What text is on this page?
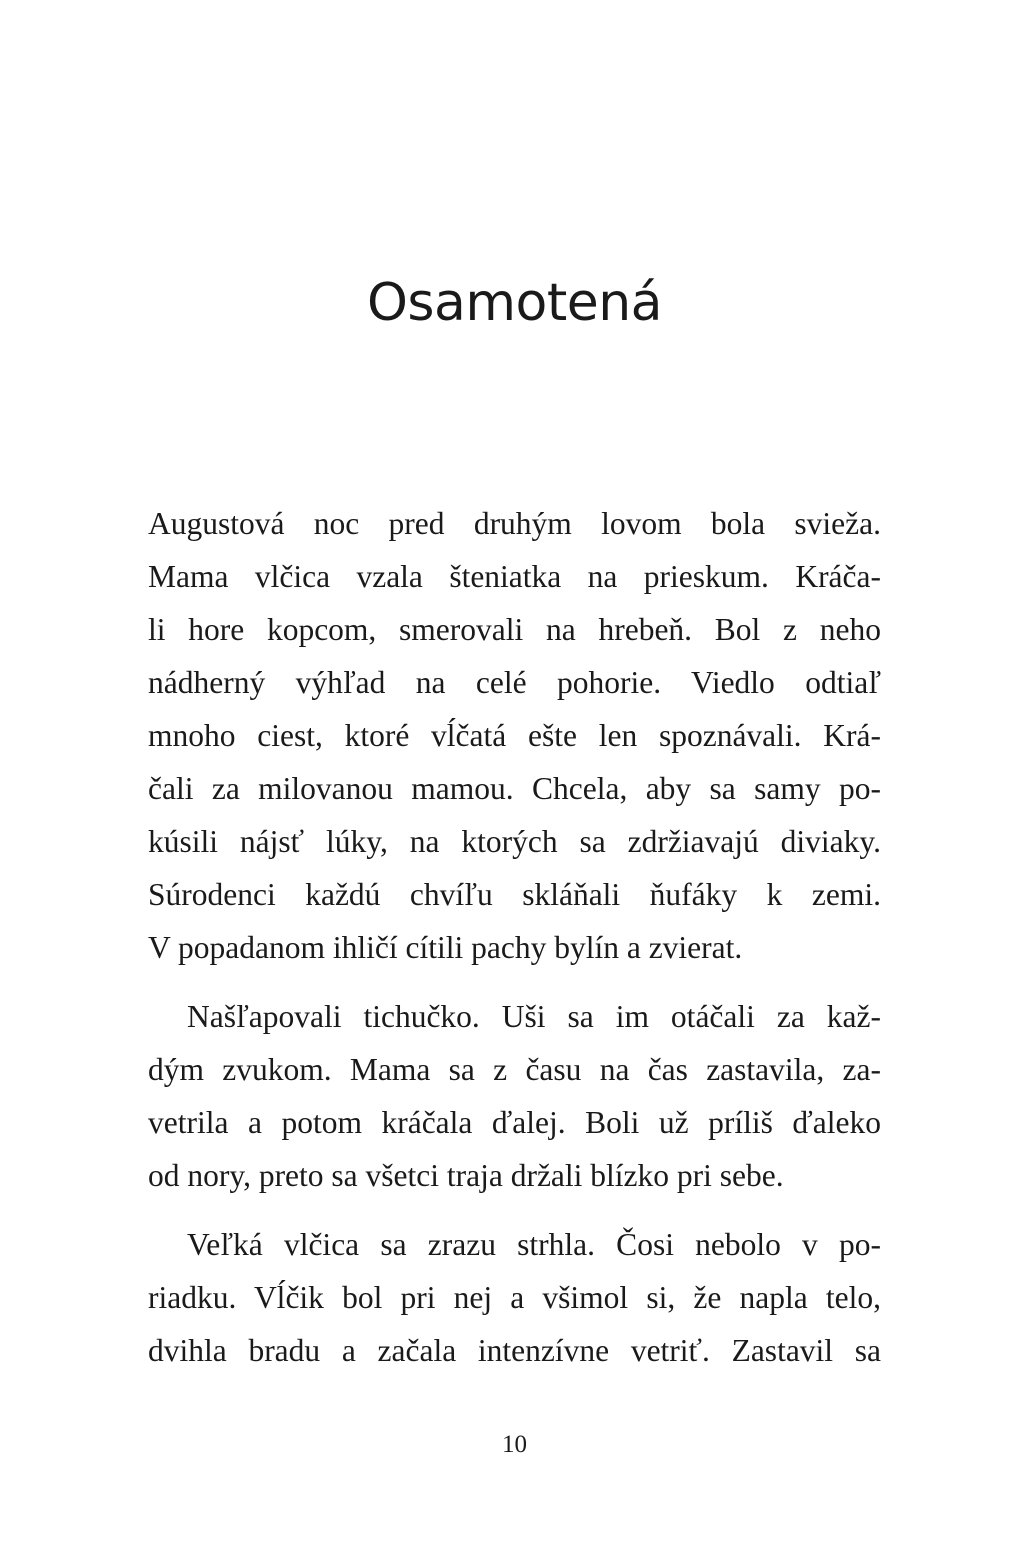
Osamotená

Augustová noc pred druhým lovom bola svieža.
Mama vlčica vzala šteniatka na prieskum. Kráča-
li hore kopcom, smerovali na hrebeň. Bol z neho
nádherný výhľad na celé pohorie. Viedlo odtiaľ
mnoho ciest, ktoré vĺčatá ešte len spoznávali. Krá-
čali za milovanou mamou. Chcela, aby sa samy po-
kúsili nájsť lúky, na ktorých sa zdržiavajú diviaky.
Súrodenci každú chvíľu skláňali ňufáky k zemi.
V popadanom ihličí cítili pachy bylín a zvierat.

Našľapovali tichučko. Uši sa im otáčali za kaž-
dým zvukom. Mama sa z času na čas zastavila, za-
vetrila a potom kráčala ďalej. Boli už príliš ďaleko
od nory, preto sa všetci traja držali blízko pri sebe.

Veľká vlčica sa zrazu strhla. Čosi nebolo v po-
riadku. Vĺčik bol pri nej a všimol si, že napla telo,
dvihla bradu a začala intenzívne vetriť. Zastavil sa

10
